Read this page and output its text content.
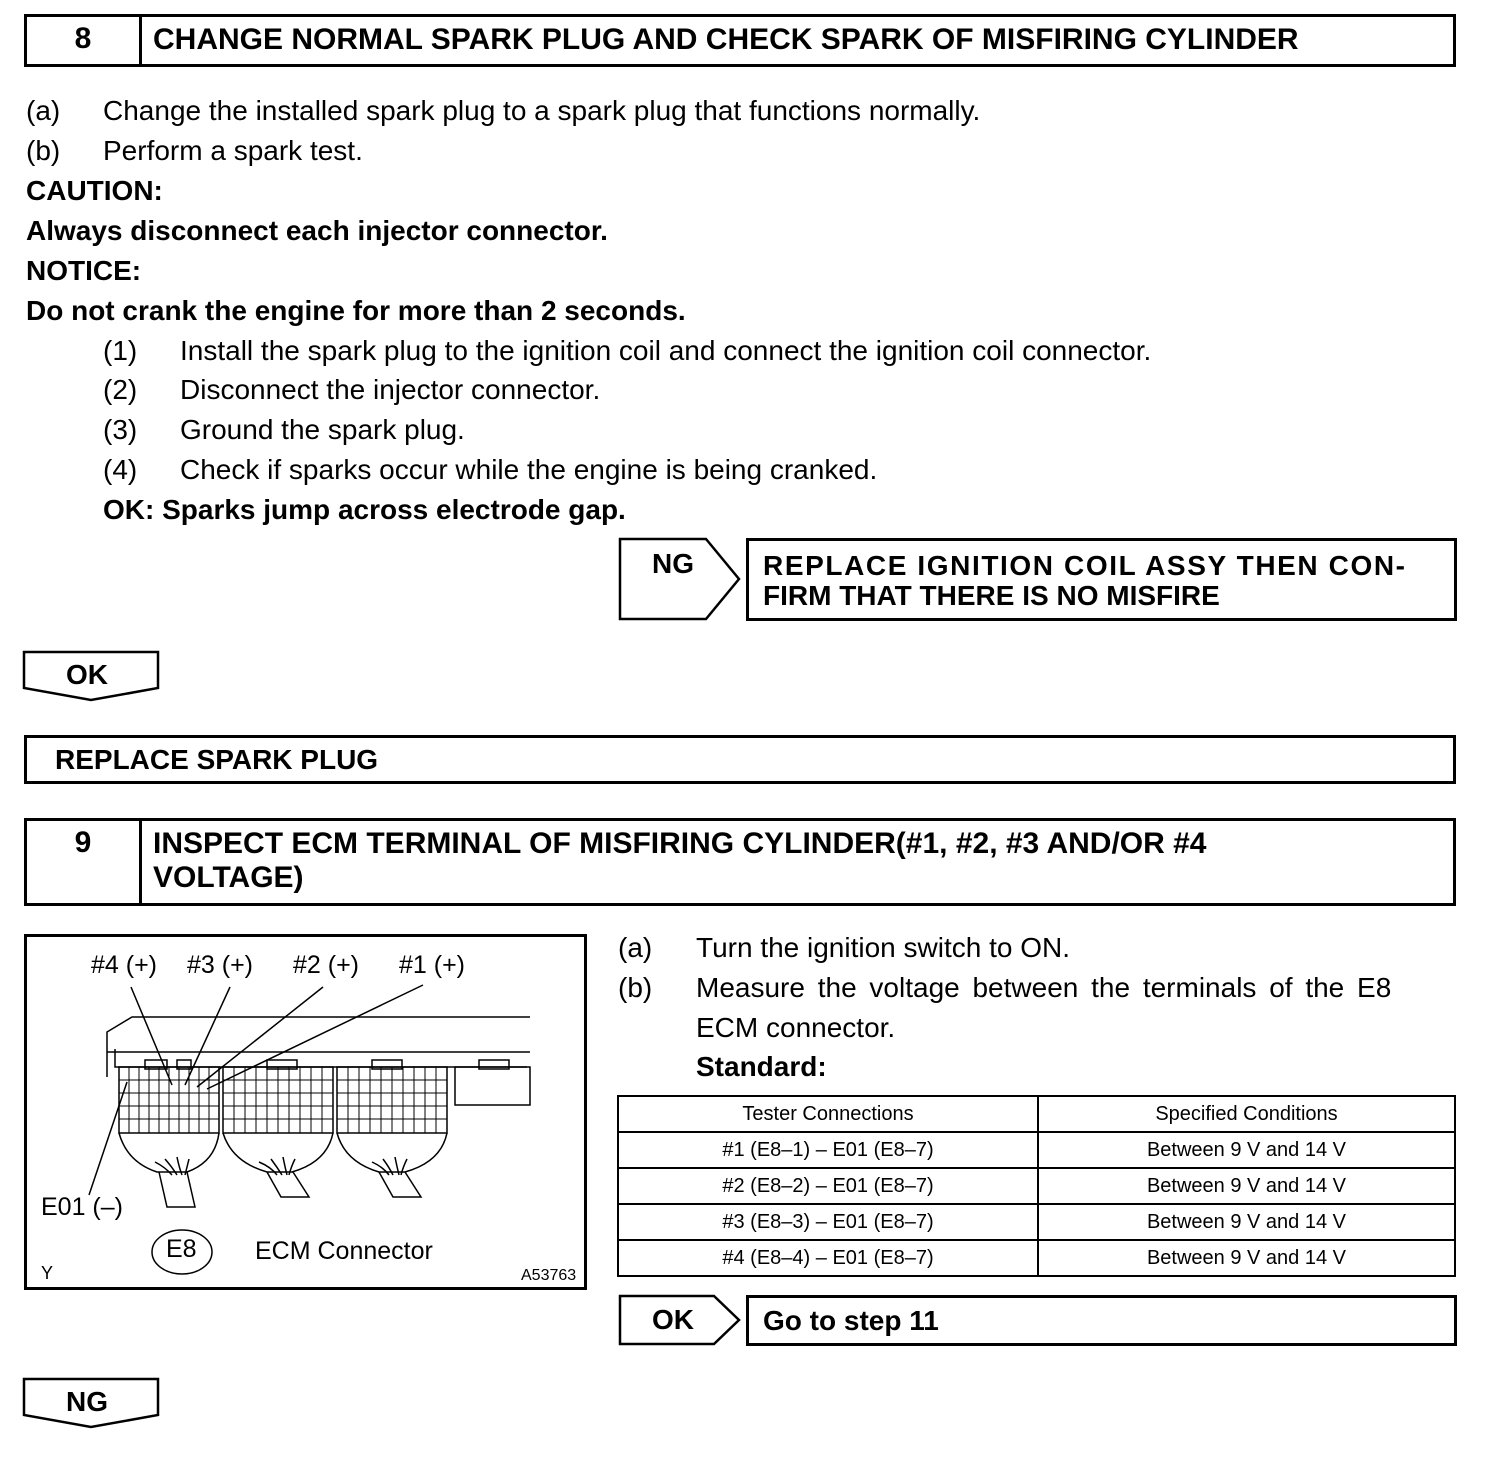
8	CHANGE NORMAL SPARK PLUG AND CHECK SPARK OF MISFIRING CYLINDER
(a) Change the installed spark plug to a spark plug that functions normally.
(b) Perform a spark test.
CAUTION:
Always disconnect each injector connector.
NOTICE:
Do not crank the engine for more than 2 seconds.
(1) Install the spark plug to the ignition coil and connect the ignition coil connector.
(2) Disconnect the injector connector.
(3) Ground the spark plug.
(4) Check if sparks occur while the engine is being cranked.
OK: Sparks jump across electrode gap.
NG REPLACE IGNITION COIL ASSY THEN CON-
FIRM THAT THERE IS NO MISFIRE
OK
REPLACE SPARK PLUG
9	INSPECT ECM TERMINAL OF MISFIRING CYLINDER(#1, #2, #3 AND/OR #4
VOLTAGE)
#4 (+) #3 (+) #2 (+) #1 (+)
E01 (–)
E8 ECM Connector
Y	A53763
(a) Turn the ignition switch to ON.
(b) Measure the voltage between the terminals of the E8
ECM connector.
Standard:
Tester Connections	Specified Conditions
#1 (E8–1) – E01 (E8–7)	Between 9 V and 14 V
#2 (E8–2) – E01 (E8–7)	Between 9 V and 14 V
#3 (E8–3) – E01 (E8–7)	Between 9 V and 14 V
#4 (E8–4) – E01 (E8–7)	Between 9 V and 14 V
OK Go to step 11
NG
